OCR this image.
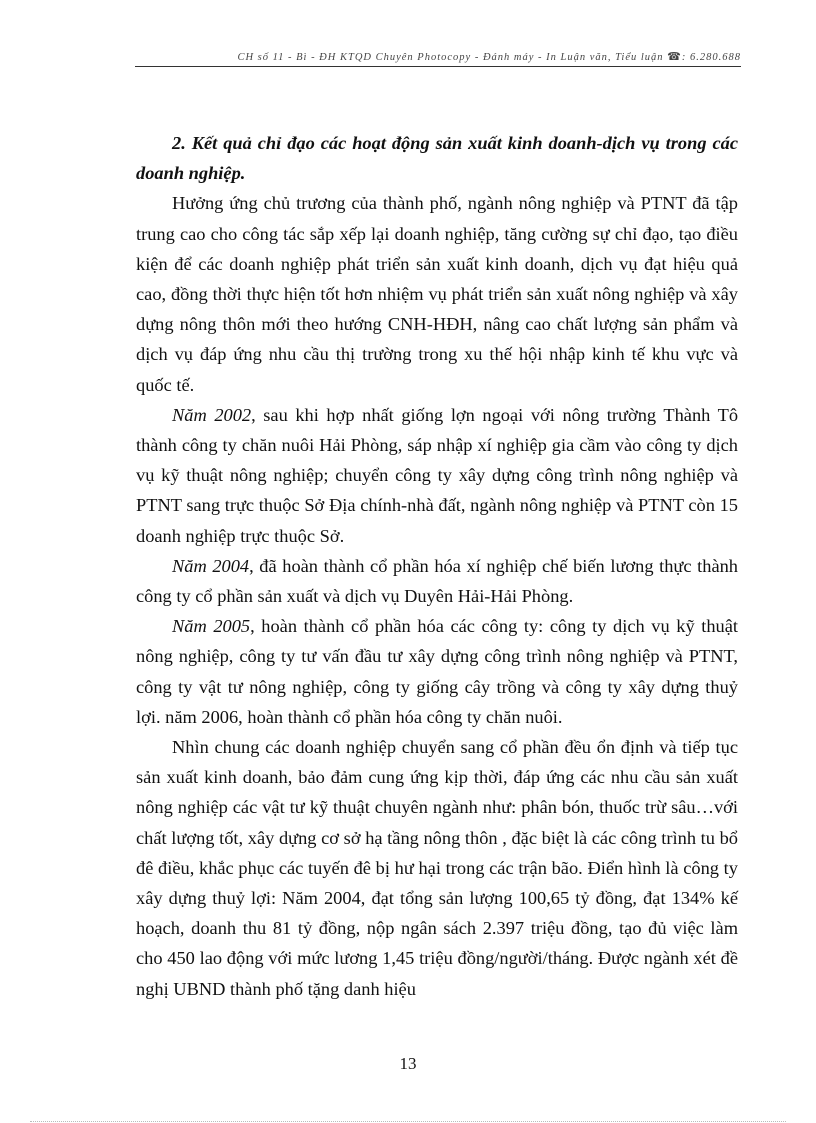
CH số 11 - Bì - ĐH KTQD Chuyên Photocopy - Đánh máy - In Luận văn, Tiểu luận ☎: 6.280.688

2. Kết quả chỉ đạo các hoạt động sản xuất kinh doanh-dịch vụ trong các doanh nghiệp.

Hưởng ứng chủ trương của thành phố, ngành nông nghiệp và PTNT đã tập trung cao cho công tác sắp xếp lại doanh nghiệp, tăng cường sự chỉ đạo, tạo điều kiện để các doanh nghiệp phát triển sản xuất kinh doanh, dịch vụ đạt hiệu quả cao, đồng thời thực hiện tốt hơn nhiệm vụ phát triển sản xuất nông nghiệp và xây dựng nông thôn mới theo hướng CNH-HĐH, nâng cao chất lượng sản phẩm và dịch vụ đáp ứng nhu cầu thị trường trong xu thế hội nhập kinh tế khu vực và quốc tế.

Năm 2002, sau khi hợp nhất giống lợn ngoại với nông trường Thành Tô thành công ty chăn nuôi Hải Phòng, sáp nhập xí nghiệp gia cầm vào công ty dịch vụ kỹ thuật nông nghiệp; chuyển công ty xây dựng công trình nông nghiệp và PTNT sang trực thuộc Sở Địa chính-nhà đất, ngành nông nghiệp và PTNT còn 15 doanh nghiệp trực thuộc Sở.

Năm 2004, đã hoàn thành cổ phần hóa xí nghiệp chế biến lương thực thành công ty cổ phần sản xuất và dịch vụ Duyên Hải-Hải Phòng.

Năm 2005, hoàn thành cổ phần hóa các công ty: công ty dịch vụ kỹ thuật nông nghiệp, công ty tư vấn đầu tư xây dựng công trình nông nghiệp và PTNT, công ty vật tư nông nghiệp, công ty giống cây trồng và công ty xây dựng thuỷ lợi. năm 2006, hoàn thành cổ phần hóa công ty chăn nuôi.

Nhìn chung các doanh nghiệp chuyển sang cổ phần đều ổn định và tiếp tục sản xuất kinh doanh, bảo đảm cung ứng kịp thời, đáp ứng các nhu cầu sản xuất nông nghiệp các vật tư kỹ thuật chuyên ngành như: phân bón, thuốc trừ sâu…với chất lượng tốt, xây dựng cơ sở hạ tầng nông thôn , đặc biệt là các công trình tu bổ đê điều, khắc phục các tuyến đê bị hư hại trong các trận bão. Điển hình là công ty xây dựng thuỷ lợi: Năm 2004, đạt tổng sản lượng 100,65 tỷ đồng, đạt 134% kế hoạch, doanh thu 81 tỷ đồng, nộp ngân sách 2.397 triệu đồng, tạo đủ việc làm cho 450 lao động với mức lương 1,45 triệu đồng/người/tháng. Được ngành xét đề nghị UBND thành phố tặng danh hiệu

13
